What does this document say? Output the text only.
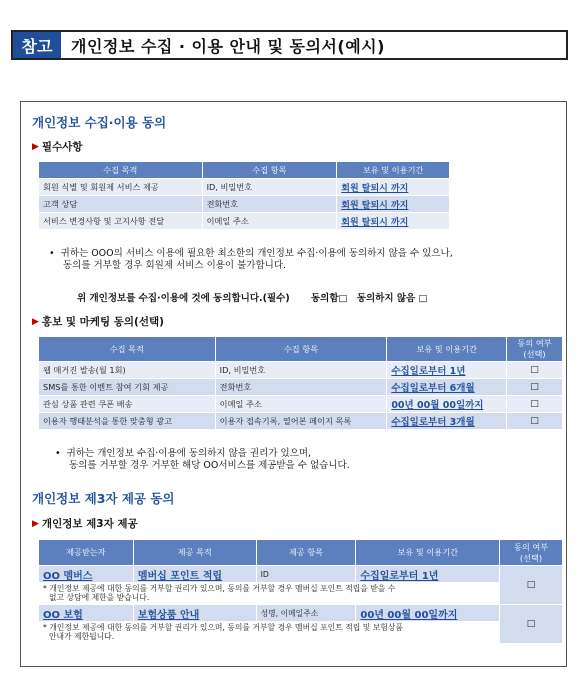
참고	개인정보 수집 · 이용 안내 및 동의서(예시)
개인정보 수집·이용 동의
▶ 필수사항
수집 목적	수집 항목	보유 및 이용기간
회원 식별 및 회원제 서비스 제공	ID, 비밀번호	회원 탈퇴시 까지
고객 상담	전화번호	회원 탈퇴시 까지
서비스 변경사항 및 고지사항 전달	이메일 주소	회원 탈퇴시 까지
•  귀하는 OOO의 서비스 이용에 필요한 최소한의 개인정보 수집·이용에 동의하지 않을 수 있으나,
동의를 거부할 경우 회원제 서비스 이용이 불가합니다.
위 개인정보를 수집·이용에 것에 동의합니다.(필수) 동의함□ 동의하지 않음 □
▶ 홍보 및 마케팅 동의(선택)
수집 목적	수집 항목	보유 및 이용기간	동의 여부
(선택)

웹 매거진 발송(월 1회)	ID, 비밀번호	수집일로부터 1년	□
SMS를 통한 이벤트 참여 기회 제공	전화번호	수집일로부터 6개월	□
관심 상품 관련 쿠폰 배송	이메일 주소	00년 00월 00일까지	□
이용자 행태분석을 통한 맞춤형 광고	이용자 접속기록, 열어본 페이지 목록	수집일로부터 3개월	□
•  귀하는 개인정보 수집·이용에 동의하지 않을 권리가 있으며,
동의를 거부할 경우 거부한 해당 OO서비스를 제공받을 수 없습니다.
개인정보 제3자 제공 동의
▶ 개인정보 제3자 제공
제공받는자	제공 목적	제공 항목	보유 및 이용기간	동의 여부
(선택)

OO 멤버스	멤버십 포인트 적립	ID	수집일로부터 1년	□

* 개인정보 제공에 대한 동의를 거부할 권리가 있으며, 동의를 거부할 경우 멤버십 포인트 적립을 받을 수
없고 상담에 제한을 받습니다.				

OO 보험	보험상품 안내	성명, 이메일주소	00년 00월 00일까지	□

* 개인정보 제공에 대한 동의를 거부할 권리가 있으며, 동의를 거부할 경우 멤버십 포인트 적립 및 보험상품
안내가 제한됩니다.				
